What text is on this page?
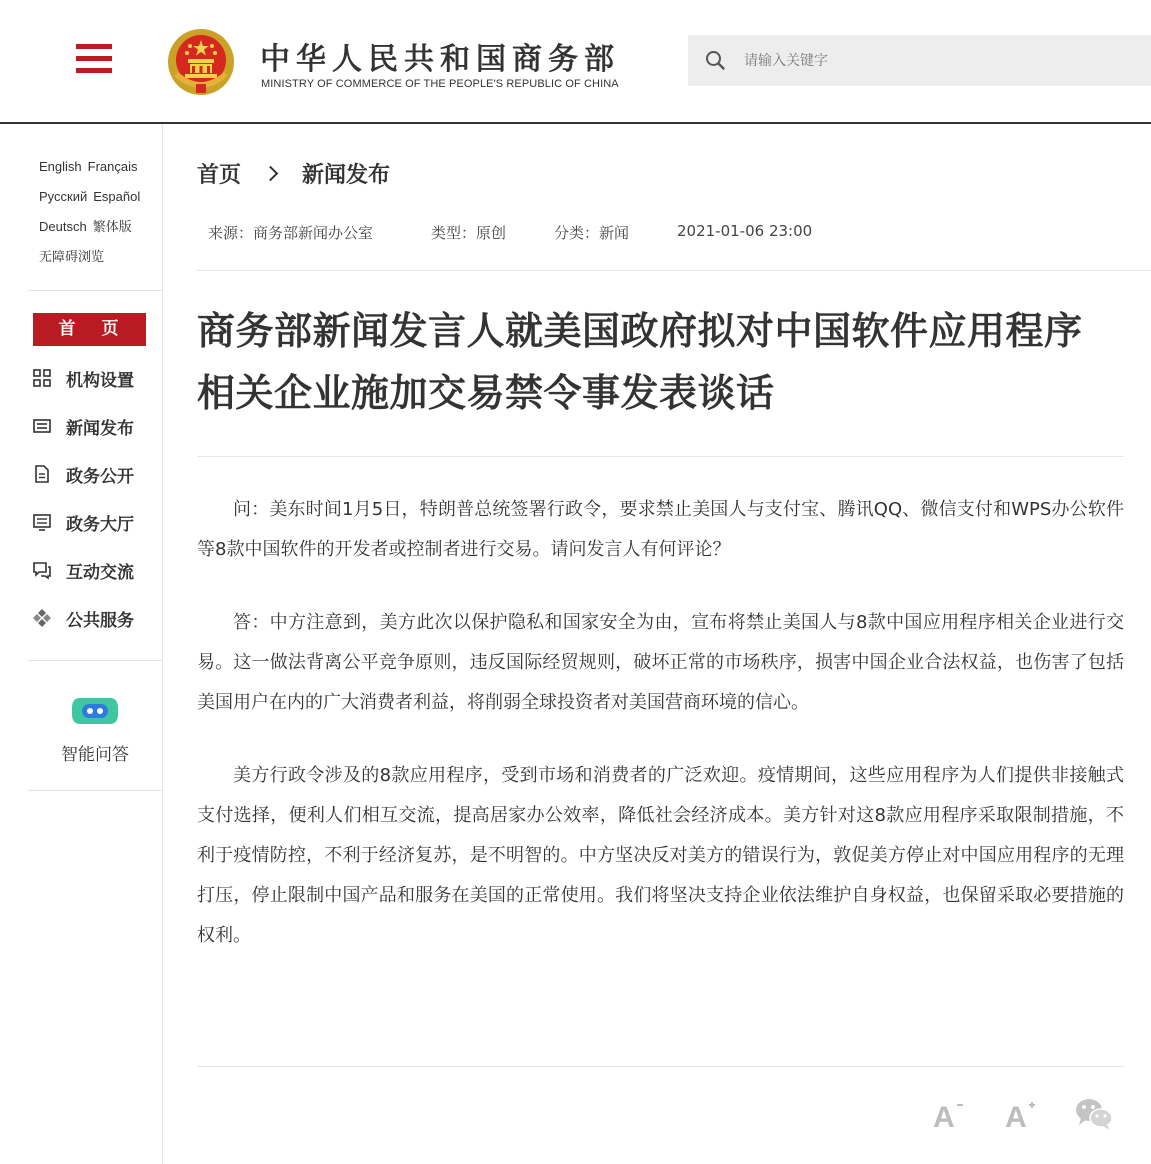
中华人民共和国商务部
MINISTRY OF COMMERCE OF THE PEOPLE'S REPUBLIC OF CHINA
请输入关键字
English Français
Русский Español
Deutsch 繁体版
无障碍浏览
首 页
机构设置
新闻发布
政务公开
政务大厅
互动交流
公共服务
智能问答
首页	新闻发布
来源：商务部新闻办公室	类型：原创	分类：新闻	2021-01-06 23:00
商务部新闻发言人就美国政府拟对中国软件应用程序相关企业施加交易禁令事发表谈话

问：美东时间1月5日，特朗普总统签署行政令，要求禁止美国人与支付宝、腾讯QQ、微信支付和WPS办公软件等8款中国软件的开发者或控制者进行交易。请问发言人有何评论？

答：中方注意到，美方此次以保护隐私和国家安全为由，宣布将禁止美国人与8款中国应用程序相关企业进行交易。这一做法背离公平竞争原则，违反国际经贸规则，破坏正常的市场秩序，损害中国企业合法权益，也伤害了包括美国用户在内的广大消费者利益，将削弱全球投资者对美国营商环境的信心。

美方行政令涉及的8款应用程序，受到市场和消费者的广泛欢迎。疫情期间，这些应用程序为人们提供非接触式支付选择，便利人们相互交流，提高居家办公效率，降低社会经济成本。美方针对这8款应用程序采取限制措施，不利于疫情防控，不利于经济复苏，是不明智的。中方坚决反对美方的错误行为，敦促美方停止对中国应用程序的无理打压，停止限制中国产品和服务在美国的正常使用。我们将坚决支持企业依法维护自身权益，也保留采取必要措施的权利。

A A
